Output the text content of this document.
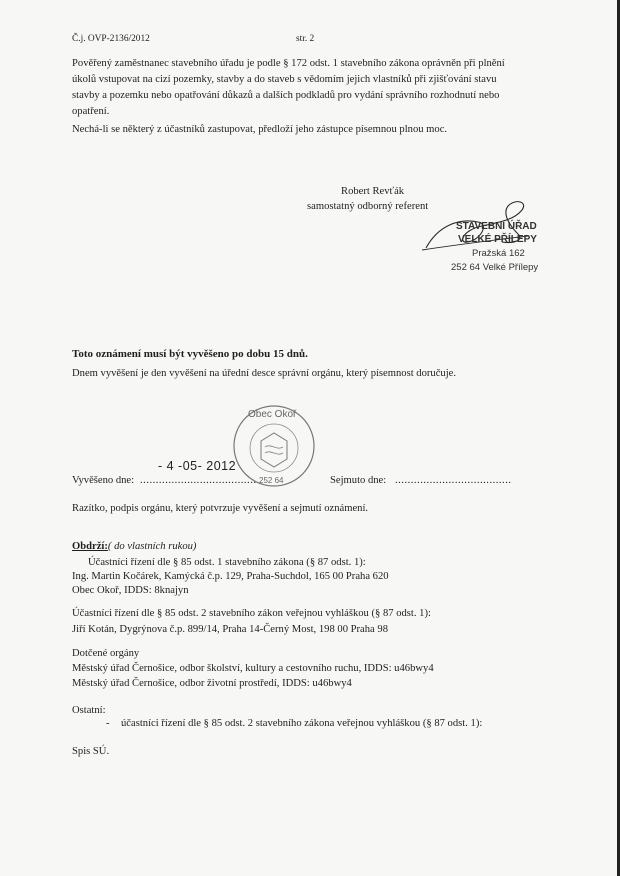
Č.j. OVP-2136/2012	str. 2
Pověřený zaměstnanec stavebního úřadu je podle § 172 odst. 1 stavebního zákona oprávněn při plnění
úkolů vstupovat na cizí pozemky, stavby a do staveb s vědomím jejich vlastníků při zjišťování stavu
stavby a pozemku nebo opatřování důkazů a dalších podkladů pro vydání správního rozhodnutí nebo
opatření.
Nechá-li se některý z účastníků zastupovat, předloží jeho zástupce písemnou plnou moc.
Robert Revťák
samostatný odborný referent
STAVEBNÍ ÚŘAD
VELKÉ PŘÍLEPY
Pražská 162
252 64 Velké Přílepy
Toto oznámení musí být vyvěšeno po dobu 15 dnů.
Dnem vyvěšení je den vyvěšení na úřední desce správní orgánu, který písemnost doručuje.
Obec Okoř
252 64
Vyvěšeno dne: .....................................
- 4 -05- 2012
Sejmuto dne: .....................................
Razítko, podpis orgánu, který potvrzuje vyvěšení a sejmutí oznámení.
Obdrží:( do vlastních rukou)
Účastníci řízení dle § 85 odst. 1 stavebního zákona (§ 87 odst. 1):
Ing. Martin Kočárek, Kamýcká č.p. 129, Praha-Suchdol, 165 00 Praha 620
Obec Okoř, IDDS: 8knajyn
Účastníci řízení dle § 85 odst. 2 stavebního zákon veřejnou vyhláškou (§ 87 odst. 1):
Jiří Kotán, Dygrýnova č.p. 899/14, Praha 14-Černý Most, 198 00 Praha 98
Dotčené orgány
Městský úřad Černošice, odbor školství, kultury a cestovního ruchu, IDDS: u46bwy4
Městský úřad Černošice, odbor životní prostředí, IDDS: u46bwy4
Ostatní:
- účastníci řízení dle § 85 odst. 2 stavebního zákona veřejnou vyhláškou (§ 87 odst. 1):
Spis SÚ.
